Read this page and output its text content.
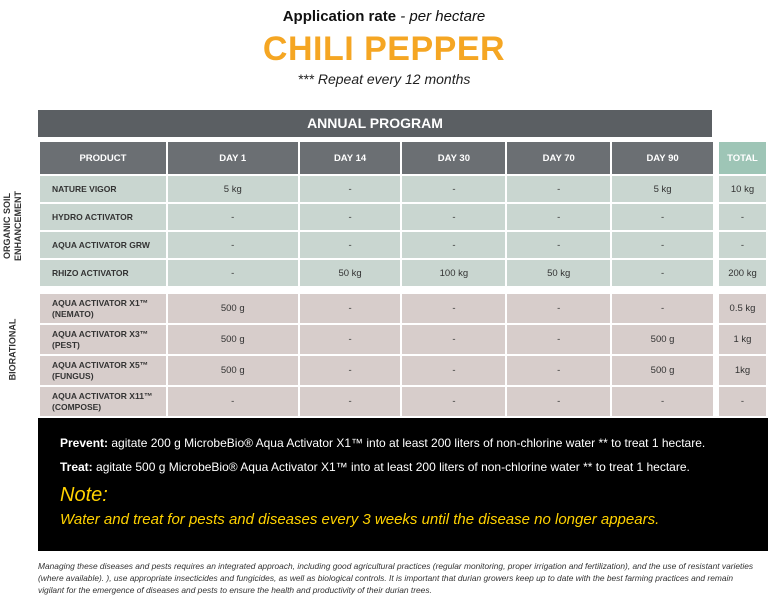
Application rate - per hectare
CHILI PEPPER
*** Repeat every 12 months
ANNUAL PROGRAM
ORGANIC SOIL ENHANCEMENT
BIORATIONAL
PRODUCT	DAY 1	DAY 14	DAY 30	DAY 70	DAY 90		TOTAL
NATURE VIGOR	5 kg	-	-	-	5 kg		10 kg
HYDRO ACTIVATOR	-	-	-	-	-		-
AQUA ACTIVATOR GRW	-	-	-	-	-		-
RHIZO ACTIVATOR	-	50 kg	100 kg	50 kg	-		200 kg

AQUA ACTIVATOR X1™
(NEMATO)	500 g	-	-	-	-		0.5 kg
AQUA ACTIVATOR X3™
(PEST)	500 g	-	-	-	500 g		1 kg
AQUA ACTIVATOR X5™
(FUNGUS)	500 g	-	-	-	500 g		1kg
AQUA ACTIVATOR X11™
(COMPOSE)	-	-	-	-	-		-

Prevent: agitate 200 g MicrobeBio® Aqua Activator X1™ into at least 200 liters of non-chlorine water ** to treat 1 hectare.

Treat: agitate 500 g MicrobeBio® Aqua Activator X1™ into at least 200 liters of non-chlorine water ** to treat 1 hectare.

Note:
Water and treat for pests and diseases every 3 weeks until the disease no longer appears.
Managing these diseases and pests requires an integrated approach, including good agricultural practices (regular monitoring, proper irrigation and fertilization), and the use of resistant varieties (where available). ), use appropriate insecticides and fungicides, as well as biological controls. It is important that durian growers keep up to date with the best farming practices and remain vigilant for the emergence of diseases and pests to ensure the health and productivity of their durian trees.
